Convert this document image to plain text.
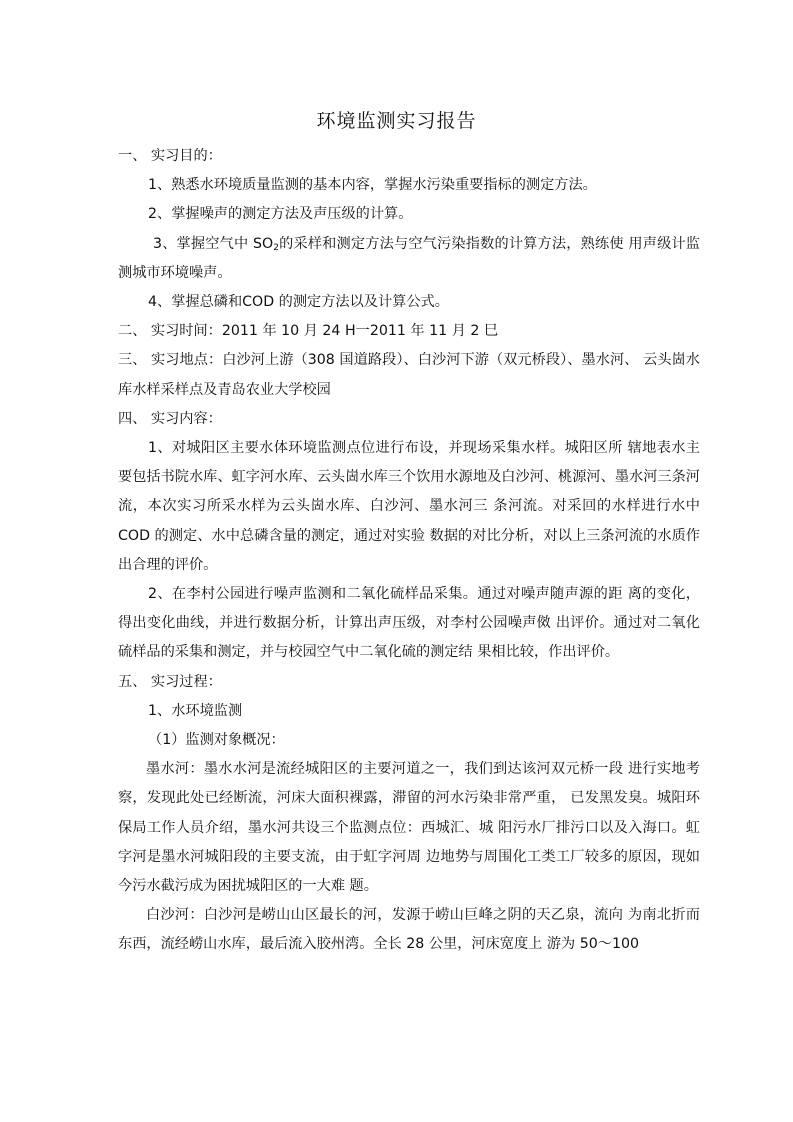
环境监测实习报告

一、 实习目的：

1、熟悉水环境质量监测的基本内容，掌握水污染重要指标的测定方法。

2、掌握噪声的测定方法及声压级的计算。

3、掌握空气中 $SO_2$的采样和测定方法与空气污染指数的计算方法，熟练使 用声级计监测城市环境噪声。

4、掌握总磷和COD 的测定方法以及计算公式。

二、 实习时间：2011 年 10 月 24 H一2011 年 11 月 2 巳

三、 实习地点：白沙河上游（308 国道路段）、白沙河下游（双元桥段）、墨水河、 云头崮水库水样采样点及青岛农业大学校园

四、 实习内容：

1、对城阳区主要水体环境监测点位进行布设，并现场采集水样。城阳区所 辖地表水主要包括书院水库、虹字河水库、云头崮水库三个饮用水源地及白沙河、桃源河、墨水河三条河流，本次实习所采水样为云头崮水库、白沙河、墨水河三 条河流。对采回的水样进行水中COD 的测定、水中总磷含量的测定，通过对实验 数据的对比分析，对以上三条河流的水质作出合理的评价。

2、在李村公园进行噪声监测和二氧化硫样品采集。通过对噪声随声源的距 离的变化，得出变化曲线，并进行数据分析，计算出声压级，对李村公园噪声傚 出评价。通过对二氧化硫样品的采集和测定，并与校园空气中二氧化硫的测定结 果相比较，作出评价。

五、 实习过程：

1、水环境监测

（1）监测对象概况：

墨水河：墨水水河是流经城阳区的主要河道之一，我们到达该河双元桥一段 进行实地考察，发现此处已经断流，河床大面积裸露，滞留的河水污染非常严重， 已发黑发臭。城阳环保局工作人员介绍，墨水河共设三个监测点位：西城汇、城 阳污水厂排污口以及入海口。虹字河是墨水河城阳段的主要支流，由于虹字河周 边地势与周围化工类工厂较多的原因，现如今污水截污成为困扰城阳区的一大难 题。

白沙河：白沙河是崂山山区最长的河，发源于崂山巨峰之阴的天乙泉，流向 为南北折而东西，流经崂山水库，最后流入胶州湾。全长 28 公里，河床宽度上 游为 50～100
